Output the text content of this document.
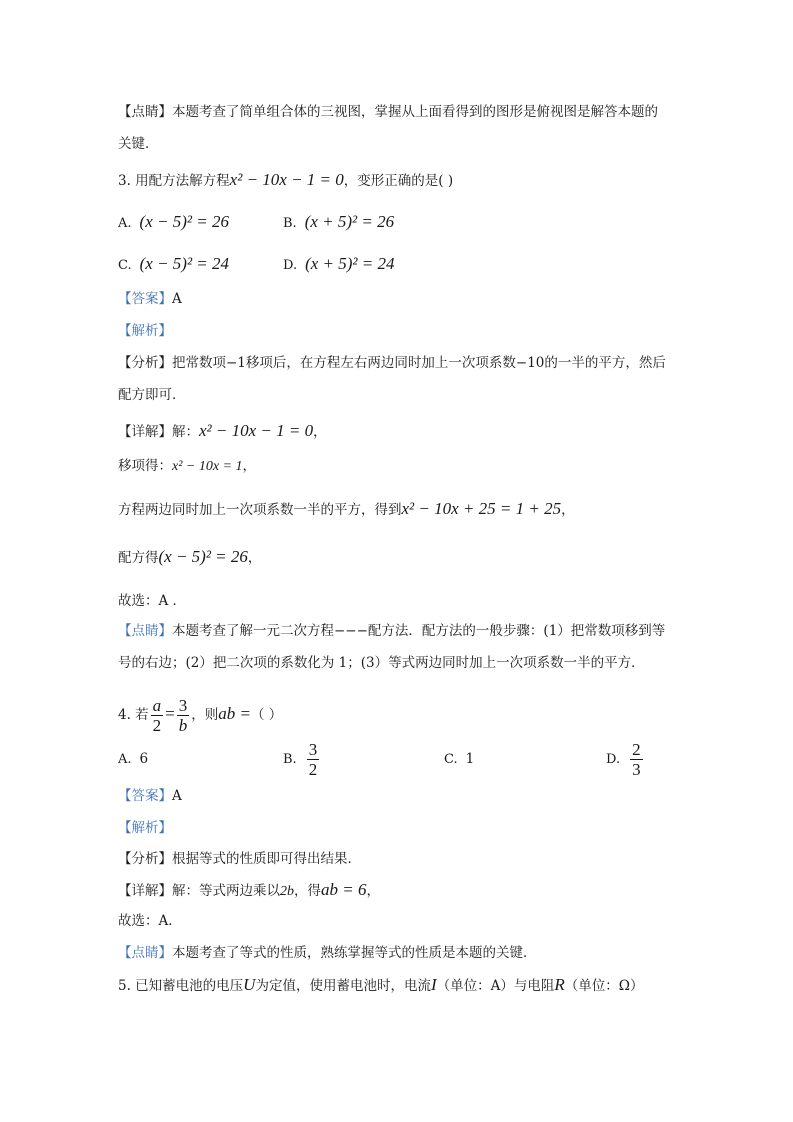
【点睛】本题考查了简单组合体的三视图，掌握从上面看得到的图形是俯视图是解答本题的
关键．
3. 用配方法解方程x² − 10x − 1 = 0，变形正确的是( )
A. (x − 5)² = 26	B. (x + 5)² = 26
C. (x − 5)² = 24	D. (x + 5)² = 24
【答案】A
【解析】
【分析】把常数项−1移项后，在方程左右两边同时加上一次项系数−10的一半的平方，然后
配方即可．
【详解】解：x² − 10x − 1 = 0，
移项得：x² − 10x = 1，
方程两边同时加上一次项系数一半的平方，得到x² − 10x + 25 = 1 + 25，
配方得(x − 5)² = 26，
故选：A ．
【点睛】本题考查了解一元二次方程−−−配方法．配方法的一般步骤：(1）把常数项移到等
号的右边；(2）把二次项的系数化为 1；(3）等式两边同时加上一次项系数一半的平方．
4. 若 $\frac{a}{2} = \frac{3}{b}$ ，则ab =（ ）
A. 6	B. $\frac{3}{2}$	C. 1	D. $\frac{2}{3}$
【答案】A
【解析】
【分析】根据等式的性质即可得出结果．
【详解】解：等式两边乘以2b，得ab = 6，
故选：A．
【点睛】本题考查了等式的性质，熟练掌握等式的性质是本题的关键．
5. 已知蓄电池的电压U为定值，使用蓄电池时，电流I（单位：A）与电阻R（单位：Ω）
